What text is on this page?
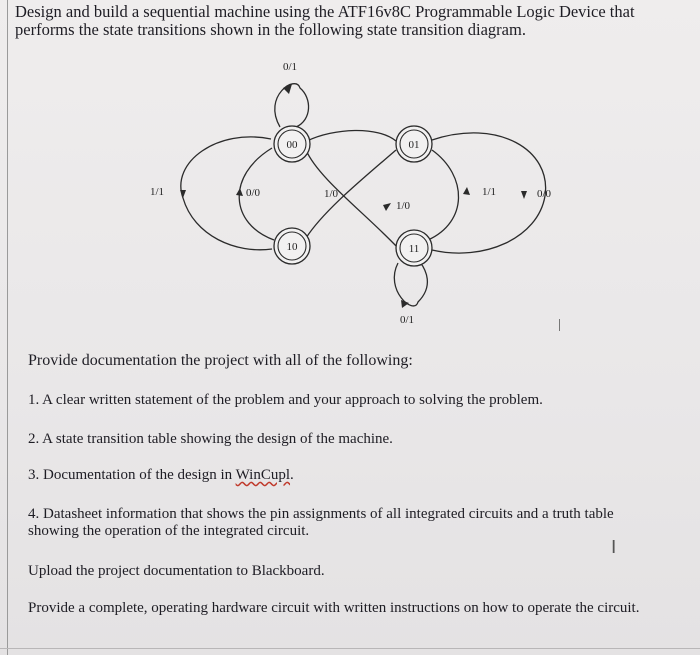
Design and build a sequential machine using the ATF16v8C Programmable Logic Device that performs the state transitions shown in the following state transition diagram.

00	01
10	11
0/1
0/1
1/1	0/0	1/0
1/0
1/1	0/0

Provide documentation the project with all of the following:

1. A clear written statement of the problem and your approach to solving the problem.

2. A state transition table showing the design of the machine.

3. Documentation of the design in WinCupl.

4. Datasheet information that shows the pin assignments of all integrated circuits and a truth table showing the operation of the integrated circuit.

I

Upload the project documentation to Blackboard.

Provide a complete, operating hardware circuit with written instructions on how to operate the circuit.
